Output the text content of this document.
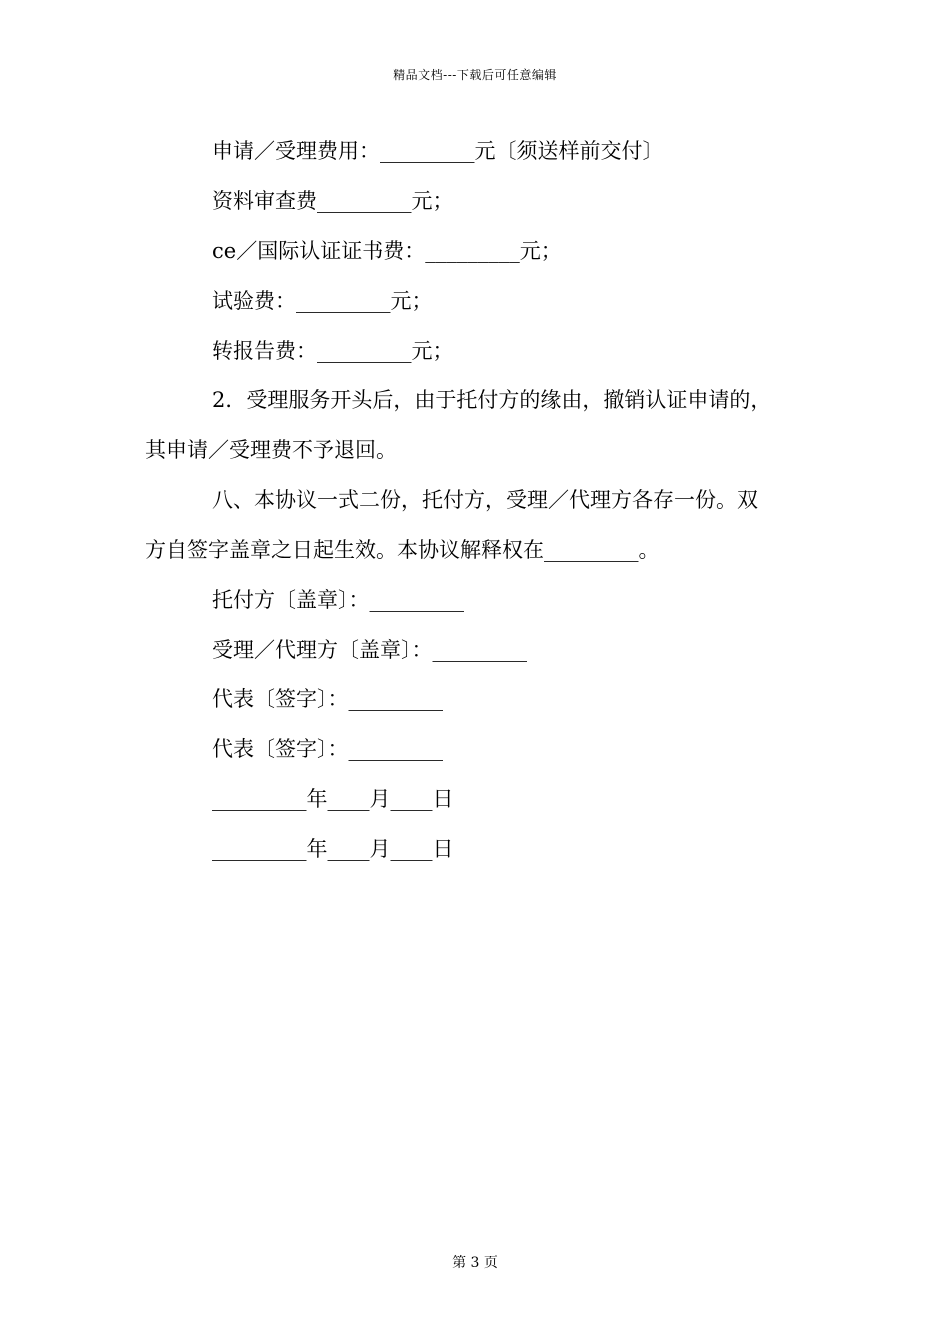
精品文档---下载后可任意编辑
申请／受理费用：_________元〔须送样前交付〕
资料审查费_________元；
ce／国际认证证书费：_________元；
试验费：_________元；
转报告费：_________元；
2．受理服务开头后，由于托付方的缘由，撤销认证申请的，
其申请／受理费不予退回。
八、本协议一式二份，托付方，受理／代理方各存一份。双
方自签字盖章之日起生效。本协议解释权在_________。
托付方〔盖章〕：_________
受理／代理方〔盖章〕：_________
代表〔签字〕：_________
代表〔签字〕：_________
_________年____月____日
_________年____月____日
第 3 页
